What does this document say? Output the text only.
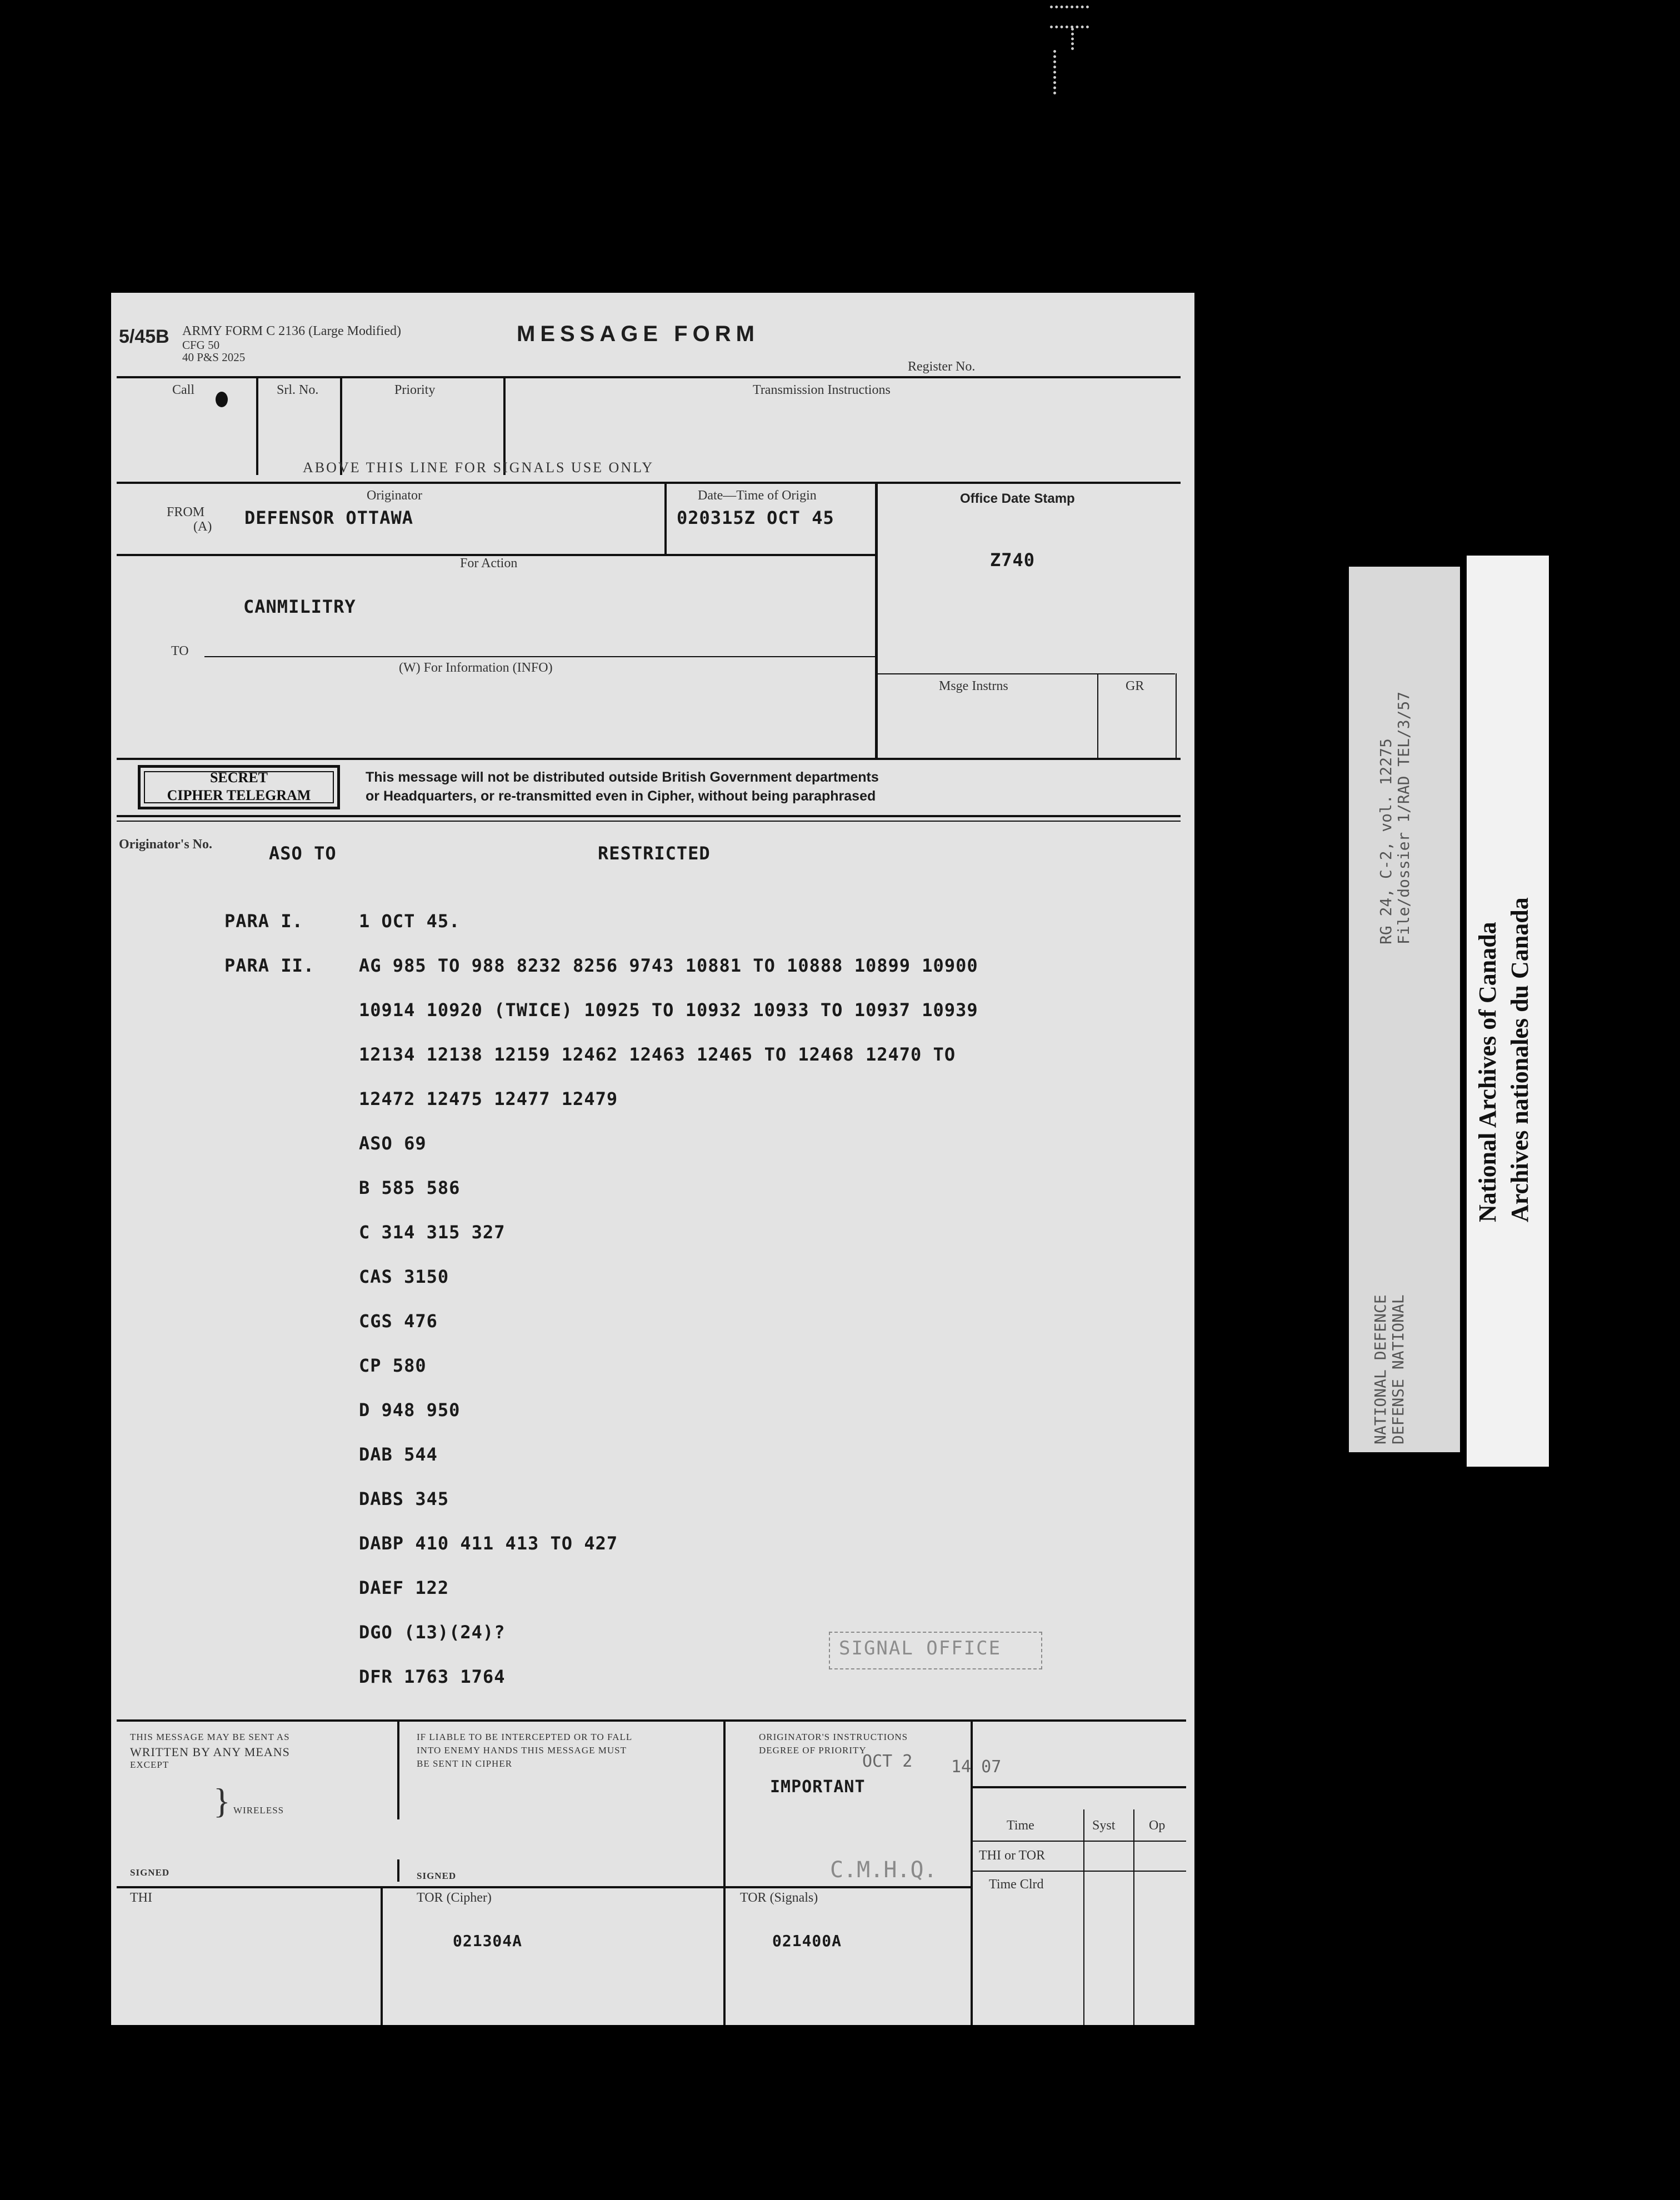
5/45B ARMY FORM C 2136 (Large Modified)
CFG 50
40 P&S 2025
MESSAGE FORM
Register No.
Call	Srl. No.	Priority	Transmission Instructions
ABOVE THIS LINE FOR SIGNALS USE ONLY
FROM
(A)
Originator
DEFENSOR OTTAWA
Date—Time of Origin
020315Z OCT 45
Office Date Stamp
Z740
For Action
CANMILITRY
TO
(W) For Information (INFO)
Msge Instrns	GR
SECRET
CIPHER TELEGRAM
This message will not be distributed outside British Government departments
or Headquarters, or re-transmitted even in Cipher, without being paraphrased
Originator's No.	ASO TO	RESTRICTED
PARA I.	1 OCT 45.
PARA II. AG 985 TO 988 8232 8256 9743 10881 TO 10888 10899 10900
10914 10920 (TWICE) 10925 TO 10932 10933 TO 10937 10939
12134 12138 12159 12462 12463 12465 TO 12468 12470 TO
12472 12475 12477 12479
ASO 69
B 585 586
C 314 315 327
CAS 3150
CGS 476
CP 580
D 948 950
DAB 544
DABS 345
DABP 410 411 413 TO 427
DAEF 122
DGO (13)(24)?
DFR 1763 1764
SIGNAL OFFICE
THIS MESSAGE MAY BE SENT AS
WRITTEN BY ANY MEANS
EXCEPT
} WIRELESS
SIGNED
IF LIABLE TO BE INTERCEPTED OR TO FALL
INTO ENEMY HANDS THIS MESSAGE MUST
BE SENT IN CIPHER
SIGNED
ORIGINATOR'S INSTRUCTIONS
DEGREE OF PRIORITY
OCT 2 14 07
IMPORTANT
C.M.H.Q.
Time	Syst	Op
THI or TOR
Time Clrd
THI	TOR (Cipher)
021304A
TOR (Signals)
021400A
RG 24, C-2, vol. 12275 File/dossier 1/RAD TEL/3/57
NATIONAL DEFENCE DEFENSE NATIONAL
National Archives of Canada Archives nationales du Canada
